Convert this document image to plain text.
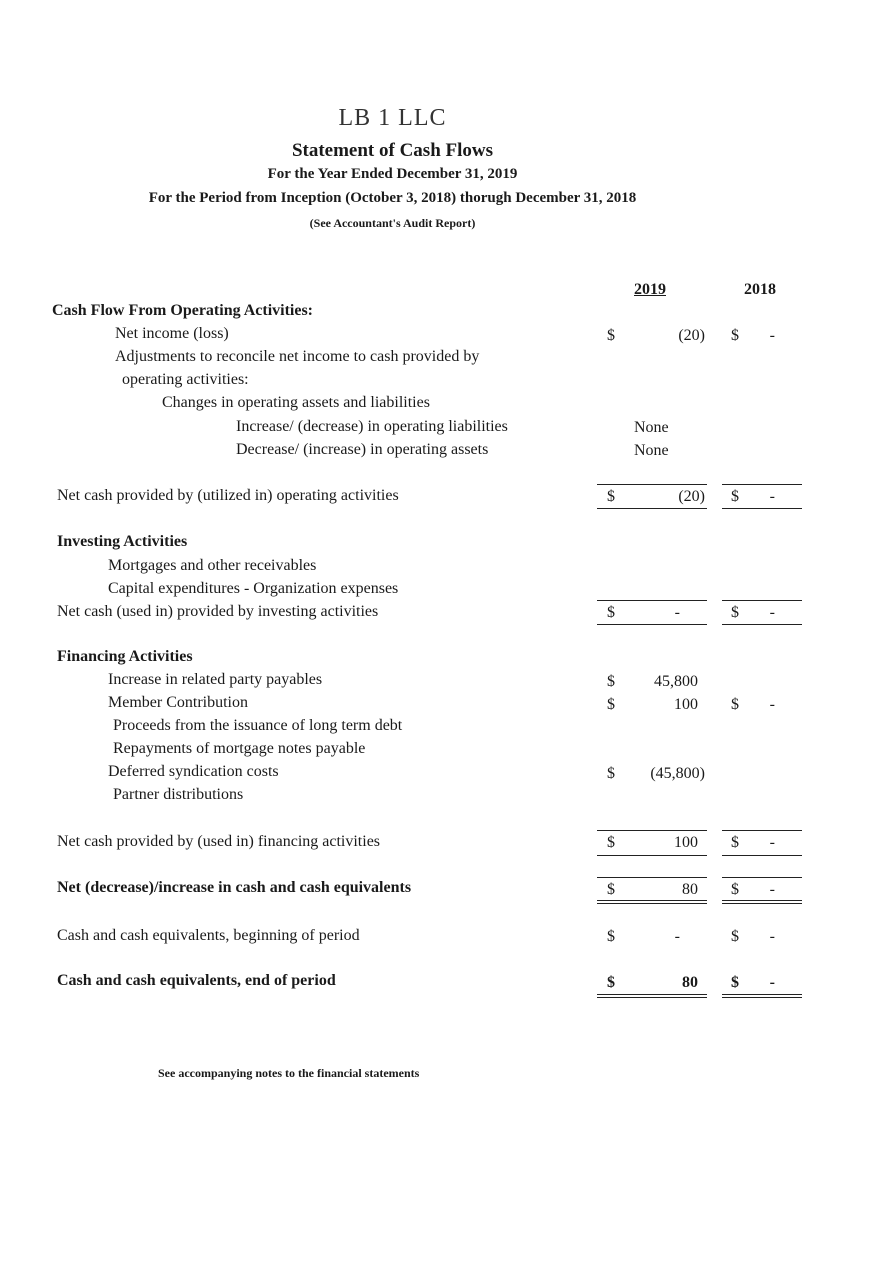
LB 1 LLC
Statement of Cash Flows
For the Year Ended December 31, 2019
For the Period from Inception (October 3, 2018) thorugh December 31, 2018
(See Accountant's Audit Report)
2019	2018
Cash Flow From Operating Activities:
Net income (loss)	$	(20) $	-
Adjustments to reconcile net income to cash provided by
operating activities:
Changes in operating assets and liabilities
Increase/ (decrease) in operating liabilities	None
Decrease/ (increase) in operating assets	None
Net cash provided by (utilized in) operating activities	$	(20) $	-
Investing Activities
Mortgages and other receivables
Capital expenditures - Organization expenses
Net cash (used in) provided by investing activities	$	-	$	-
Financing Activities
Increase in related party payables	$	45,800
Member Contribution	$	100 $	-
Proceeds from the issuance of long term debt
Repayments of mortgage notes payable
Deferred syndication costs	$	(45,800)
Partner distributions
Net cash provided by (used in) financing activities	$	100 $	-
Net (decrease)/increase in cash and cash equivalents	$	80 $	-
Cash and cash equivalents, beginning of period	$	-	$	-
Cash and cash equivalents, end of period	$	80 $	-
See accompanying notes to the financial statements
